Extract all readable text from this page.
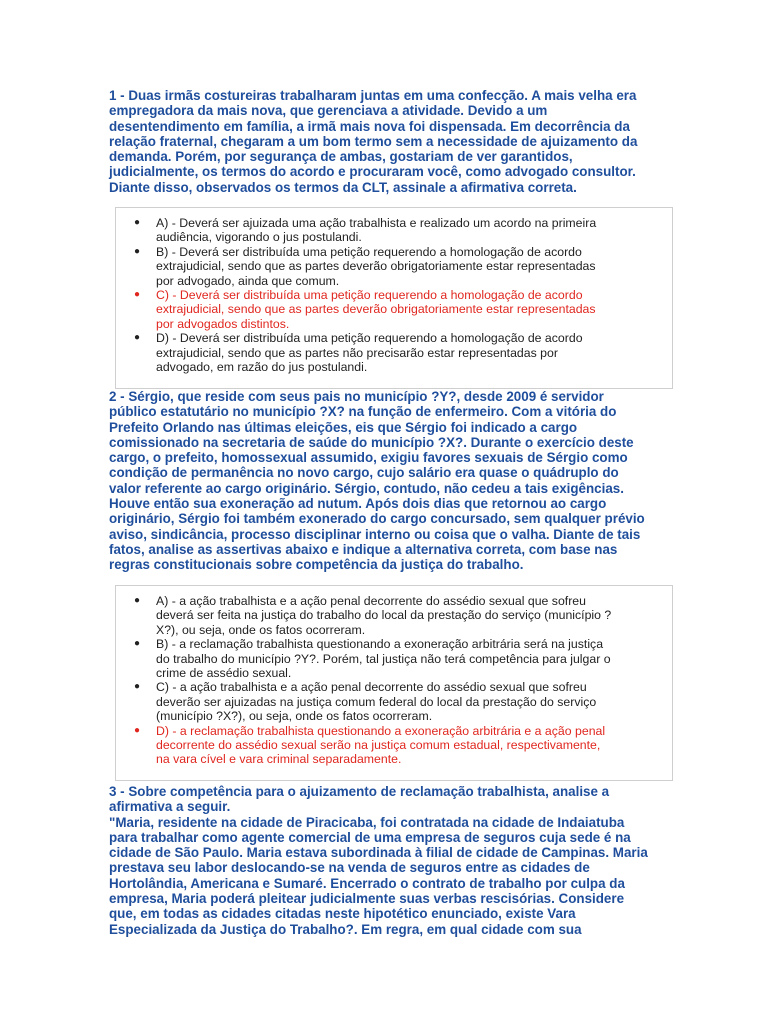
1 - Duas irmãs costureiras trabalharam juntas em uma confecção. A mais velha era
empregadora da mais nova, que gerenciava a atividade. Devido a um
desentendimento em família, a irmã mais nova foi dispensada. Em decorrência da
relação fraternal, chegaram a um bom termo sem a necessidade de ajuizamento da
demanda. Porém, por segurança de ambas, gostariam de ver garantidos,
judicialmente, os termos do acordo e procuraram você, como advogado consultor.
Diante disso, observados os termos da CLT, assinale a afirmativa correta.

● A) - Deverá ser ajuizada uma ação trabalhista e realizado um acordo na primeira
audiência, vigorando o jus postulandi.
● B) - Deverá ser distribuída uma petição requerendo a homologação de acordo
extrajudicial, sendo que as partes deverão obrigatoriamente estar representadas
por advogado, ainda que comum.
● C) - Deverá ser distribuída uma petição requerendo a homologação de acordo
extrajudicial, sendo que as partes deverão obrigatoriamente estar representadas
por advogados distintos.
● D) - Deverá ser distribuída uma petição requerendo a homologação de acordo
extrajudicial, sendo que as partes não precisarão estar representadas por
advogado, em razão do jus postulandi.

2 - Sérgio, que reside com seus pais no município ?Y?, desde 2009 é servidor
público estatutário no município ?X? na função de enfermeiro. Com a vitória do
Prefeito Orlando nas últimas eleições, eis que Sérgio foi indicado a cargo
comissionado na secretaria de saúde do município ?X?. Durante o exercício deste
cargo, o prefeito, homossexual assumido, exigiu favores sexuais de Sérgio como
condição de permanência no novo cargo, cujo salário era quase o quádruplo do
valor referente ao cargo originário. Sérgio, contudo, não cedeu a tais exigências.
Houve então sua exoneração ad nutum. Após dois dias que retornou ao cargo
originário, Sérgio foi também exonerado do cargo concursado, sem qualquer prévio
aviso, sindicância, processo disciplinar interno ou coisa que o valha. Diante de tais
fatos, analise as assertivas abaixo e indique a alternativa correta, com base nas
regras constitucionais sobre competência da justiça do trabalho.

● A) - a ação trabalhista e a ação penal decorrente do assédio sexual que sofreu
deverá ser feita na justiça do trabalho do local da prestação do serviço (município ?
X?), ou seja, onde os fatos ocorreram.
● B) - a reclamação trabalhista questionando a exoneração arbitrária será na justiça
do trabalho do município ?Y?. Porém, tal justiça não terá competência para julgar o
crime de assédio sexual.
● C) - a ação trabalhista e a ação penal decorrente do assédio sexual que sofreu
deverão ser ajuizadas na justiça comum federal do local da prestação do serviço
(município ?X?), ou seja, onde os fatos ocorreram.
● D) - a reclamação trabalhista questionando a exoneração arbitrária e a ação penal
decorrente do assédio sexual serão na justiça comum estadual, respectivamente,
na vara cível e vara criminal separadamente.

3 - Sobre competência para o ajuizamento de reclamação trabalhista, analise a
afirmativa a seguir.
"Maria, residente na cidade de Piracicaba, foi contratada na cidade de Indaiatuba
para trabalhar como agente comercial de uma empresa de seguros cuja sede é na
cidade de São Paulo. Maria estava subordinada à filial de cidade de Campinas. Maria
prestava seu labor deslocando-se na venda de seguros entre as cidades de
Hortolândia, Americana e Sumaré. Encerrado o contrato de trabalho por culpa da
empresa, Maria poderá pleitear judicialmente suas verbas rescisórias. Considere
que, em todas as cidades citadas neste hipotético enunciado, existe Vara
Especializada da Justiça do Trabalho?. Em regra, em qual cidade com sua
